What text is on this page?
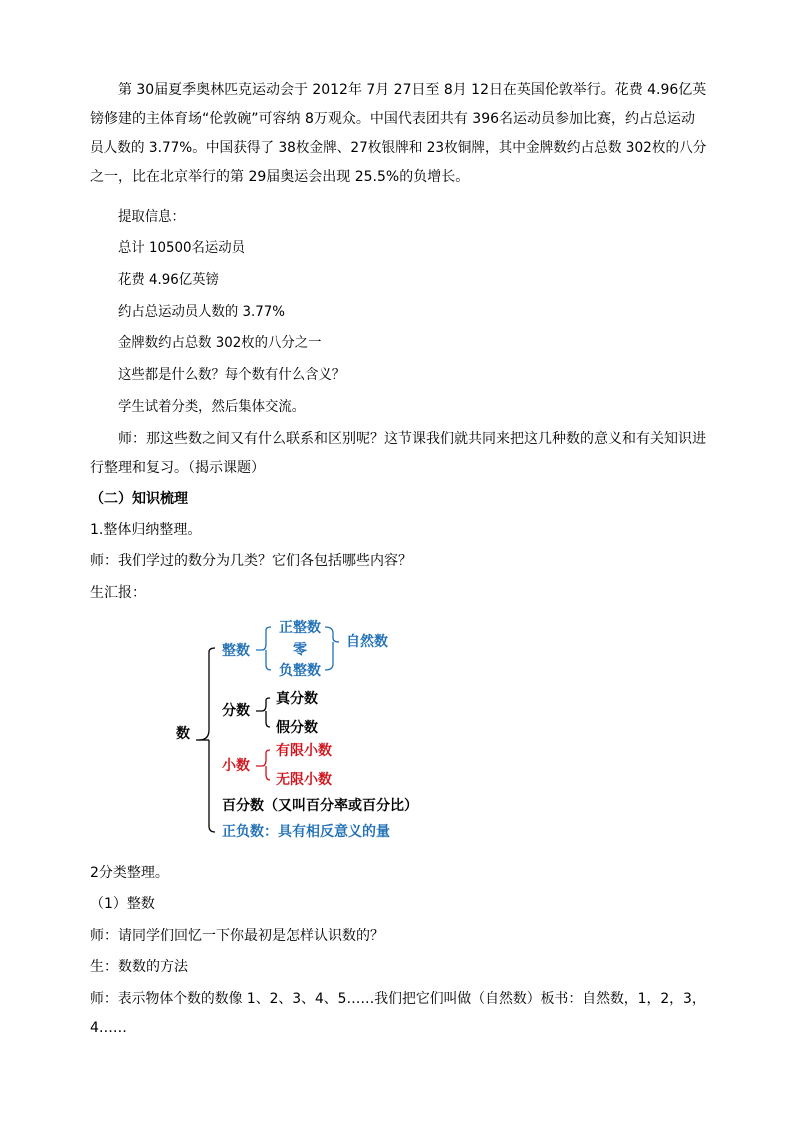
第 30届夏季奥林匹克运动会于 2012年 7月 27日至 8月 12日在英国伦敦举行。花费 4.96亿英
镑修建的主体育场“伦敦碗”可容纳 8万观众。中国代表团共有 396名运动员参加比赛，约占总运动
员人数的 3.77%。中国获得了 38枚金牌、27枚银牌和 23枚铜牌，其中金牌数约占总数 302枚的八分
之一，比在北京举行的第 29届奥运会出现 25.5%的负增长。
提取信息：
总计 10500名运动员
花费 4.96亿英镑
约占总运动员人数的 3.77%
金牌数约占总数 302枚的八分之一
这些都是什么数？每个数有什么含义？
学生试着分类，然后集体交流。
师：那这些数之间又有什么联系和区别呢？这节课我们就共同来把这几种数的意义和有关知识进
行整理和复习。（揭示课题）
（二）知识梳理
1.整体归纳整理。
师：我们学过的数分为几类？它们各包括哪些内容？
生汇报：
数
整数
正整数
零
负整数
自然数
分数
真分数
假分数
小数
有限小数
无限小数
百分数（又叫百分率或百分比）
正负数：具有相反意义的量
2分类整理。
（1）整数
师：请同学们回忆一下你最初是怎样认识数的？
生：数数的方法
师：表示物体个数的数像 1、2、3、4、5……我们把它们叫做（自然数）板书：自然数，1，2，3，
4……
